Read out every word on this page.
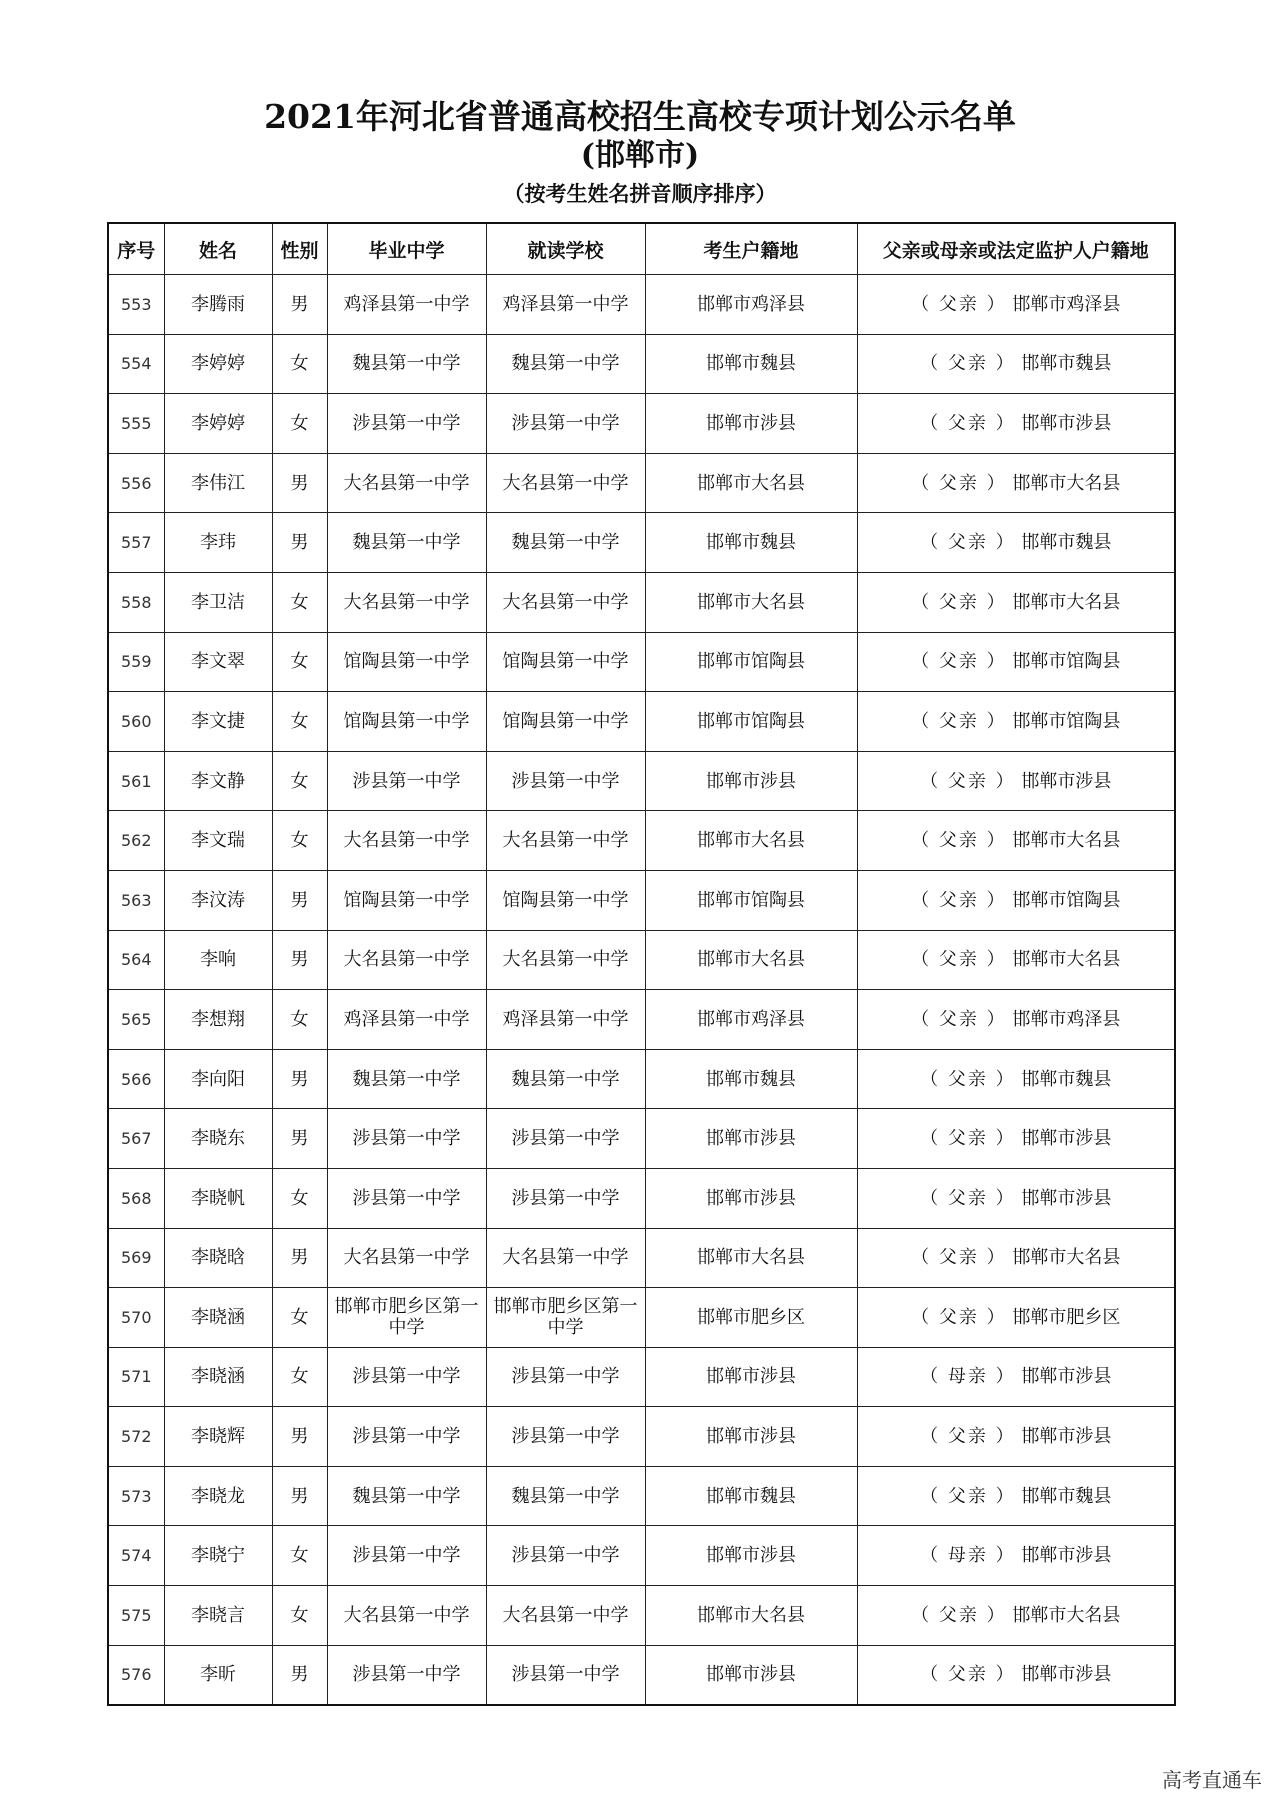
2021年河北省普通高校招生高校专项计划公示名单
(邯郸市)
（按考生姓名拼音顺序排序）
序号	姓名	性别	毕业中学	就读学校	考生户籍地	父亲或母亲或法定监护人户籍地
553	李腾雨	男	鸡泽县第一中学	鸡泽县第一中学	邯郸市鸡泽县	（ 父亲 ） 邯郸市鸡泽县
554	李婷婷	女	魏县第一中学	魏县第一中学	邯郸市魏县	（ 父亲 ） 邯郸市魏县
555	李婷婷	女	涉县第一中学	涉县第一中学	邯郸市涉县	（ 父亲 ） 邯郸市涉县
556	李伟江	男	大名县第一中学	大名县第一中学	邯郸市大名县	（ 父亲 ） 邯郸市大名县
557	李玮	男	魏县第一中学	魏县第一中学	邯郸市魏县	（ 父亲 ） 邯郸市魏县
558	李卫洁	女	大名县第一中学	大名县第一中学	邯郸市大名县	（ 父亲 ） 邯郸市大名县
559	李文翠	女	馆陶县第一中学	馆陶县第一中学	邯郸市馆陶县	（ 父亲 ） 邯郸市馆陶县
560	李文捷	女	馆陶县第一中学	馆陶县第一中学	邯郸市馆陶县	（ 父亲 ） 邯郸市馆陶县
561	李文静	女	涉县第一中学	涉县第一中学	邯郸市涉县	（ 父亲 ） 邯郸市涉县
562	李文瑞	女	大名县第一中学	大名县第一中学	邯郸市大名县	（ 父亲 ） 邯郸市大名县
563	李汶涛	男	馆陶县第一中学	馆陶县第一中学	邯郸市馆陶县	（ 父亲 ） 邯郸市馆陶县
564	李响	男	大名县第一中学	大名县第一中学	邯郸市大名县	（ 父亲 ） 邯郸市大名县
565	李想翔	女	鸡泽县第一中学	鸡泽县第一中学	邯郸市鸡泽县	（ 父亲 ） 邯郸市鸡泽县
566	李向阳	男	魏县第一中学	魏县第一中学	邯郸市魏县	（ 父亲 ） 邯郸市魏县
567	李晓东	男	涉县第一中学	涉县第一中学	邯郸市涉县	（ 父亲 ） 邯郸市涉县
568	李晓帆	女	涉县第一中学	涉县第一中学	邯郸市涉县	（ 父亲 ） 邯郸市涉县
569	李晓晗	男	大名县第一中学	大名县第一中学	邯郸市大名县	（ 父亲 ） 邯郸市大名县
570	李晓涵	女	邯郸市肥乡区第一中学	邯郸市肥乡区第一中学	邯郸市肥乡区	（ 父亲 ） 邯郸市肥乡区
571	李晓涵	女	涉县第一中学	涉县第一中学	邯郸市涉县	（ 母亲 ） 邯郸市涉县
572	李晓辉	男	涉县第一中学	涉县第一中学	邯郸市涉县	（ 父亲 ） 邯郸市涉县
573	李晓龙	男	魏县第一中学	魏县第一中学	邯郸市魏县	（ 父亲 ） 邯郸市魏县
574	李晓宁	女	涉县第一中学	涉县第一中学	邯郸市涉县	（ 母亲 ） 邯郸市涉县
575	李晓言	女	大名县第一中学	大名县第一中学	邯郸市大名县	（ 父亲 ） 邯郸市大名县
576	李昕	男	涉县第一中学	涉县第一中学	邯郸市涉县	（ 父亲 ） 邯郸市涉县
高考直通车
